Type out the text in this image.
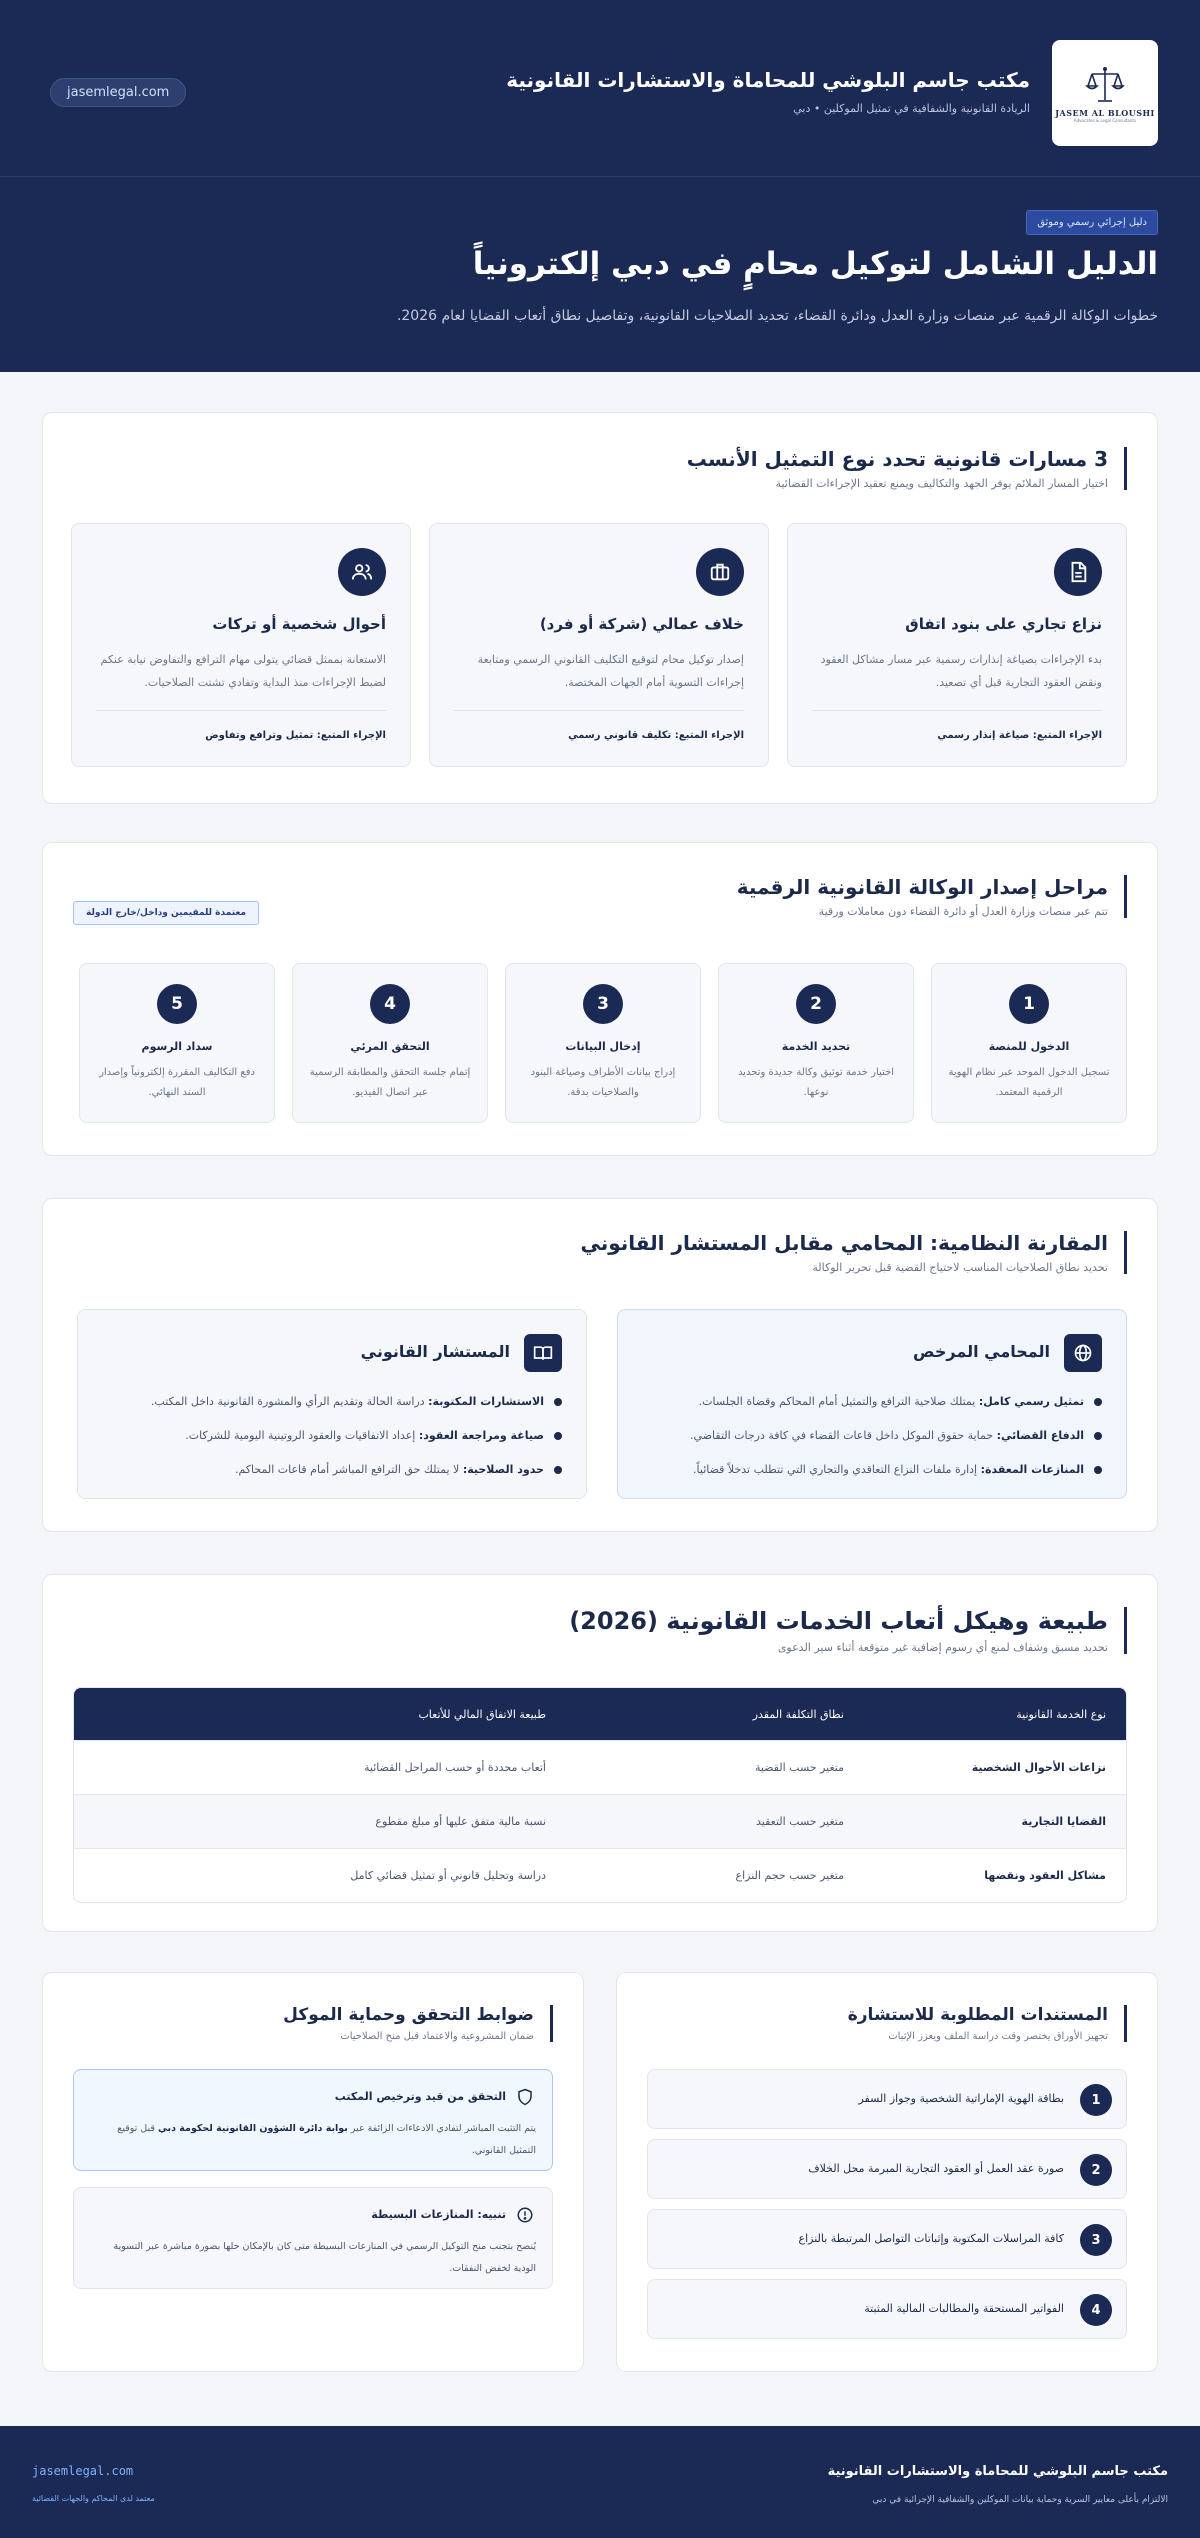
JASEM AL BLOUSHI
Advocates & Legal Consultants
مكتب جاسم البلوشي للمحاماة والاستشارات القانونية

الريادة القانونية والشفافية في تمثيل الموكلين • دبي

jasemlegal.com
دليل إجرائي رسمي وموثق
الدليل الشامل لتوكيل محامٍ في دبي إلكترونياً
خطوات الوكالة الرقمية عبر منصات وزارة العدل ودائرة القضاء، تحديد الصلاحيات القانونية، وتفاصيل نطاق أتعاب القضايا لعام 2026.
3 مسارات قانونية تحدد نوع التمثيل الأنسب

اختيار المسار الملائم يوفر الجهد والتكاليف ويمنع تعقيد الإجراءات القضائية

نزاع تجاري على بنود اتفاق
بدء الإجراءات بصياغة إنذارات رسمية عبر مسار مشاكل العقود ونقض العقود التجارية قبل أي تصعيد.
الإجراء المتبع: صياغة إنذار رسمي
خلاف عمالي (شركة أو فرد)
إصدار توكيل محام لتوقيع التكليف القانوني الرسمي ومتابعة إجراءات التسوية أمام الجهات المختصة.
الإجراء المتبع: تكليف قانوني رسمي
أحوال شخصية أو تركات
الاستعانة بممثل قضائي يتولى مهام الترافع والتفاوض نيابة عنكم لضبط الإجراءات منذ البداية وتفادي تشتت الصلاحيات.
الإجراء المتبع: تمثيل وترافع وتفاوض
مراحل إصدار الوكالة القانونية الرقمية

تتم عبر منصات وزارة العدل أو دائرة القضاء دون معاملات ورقية

معتمدة للمقيمين وداخل/خارج الدولة
1
الدخول للمنصة

تسجيل الدخول الموحد عبر نظام الهوية الرقمية المعتمد.

2
تحديد الخدمة

اختيار خدمة توثيق وكالة جديدة وتحديد نوعها.

3
إدخال البيانات

إدراج بيانات الأطراف وصياغة البنود والصلاحيات بدقة.

4
التحقق المرئي

إتمام جلسة التحقق والمطابقة الرسمية عبر اتصال الفيديو.

5
سداد الرسوم

دفع التكاليف المقررة إلكترونياً وإصدار السند النهائي.

المقارنة النظامية: المحامي مقابل المستشار القانوني

تحديد نطاق الصلاحيات المناسب لاحتياج القضية قبل تحرير الوكالة

المحامي المرخص
تمثيل رسمي كامل: يمتلك صلاحية الترافع والتمثيل أمام المحاكم وقضاة الجلسات.
الدفاع القضائي: حماية حقوق الموكل داخل قاعات القضاء في كافة درجات التقاضي.
المنازعات المعقدة: إدارة ملفات النزاع التعاقدي والتجاري التي تتطلب تدخلاً قضائياً.
المستشار القانوني
الاستشارات المكتوبة: دراسة الحالة وتقديم الرأي والمشورة القانونية داخل المكتب.
صياغة ومراجعة العقود: إعداد الاتفاقيات والعقود الروتينية اليومية للشركات.
حدود الصلاحية: لا يمتلك حق الترافع المباشر أمام قاعات المحاكم.
طبيعة وهيكل أتعاب الخدمات القانونية (2026)

تحديد مسبق وشفاف لمنع أي رسوم إضافية غير متوقعة أثناء سير الدعوى

نوع الخدمة القانونية
نطاق التكلفة المقدر
طبيعة الاتفاق المالي للأتعاب
نزاعات الأحوال الشخصية
متغير حسب القضية
أتعاب محددة أو حسب المراحل القضائية
القضايا التجارية
متغير حسب التعقيد
نسبة مالية متفق عليها أو مبلغ مقطوع
مشاكل العقود ونقضها
متغير حسب حجم النزاع
دراسة وتحليل قانوني أو تمثيل قضائي كامل
المستندات المطلوبة للاستشارة

تجهيز الأوراق يختصر وقت دراسة الملف ويعزز الإثبات

1
بطاقة الهوية الإماراتية الشخصية وجواز السفر
2
صورة عقد العمل أو العقود التجارية المبرمة محل الخلاف
3
كافة المراسلات المكتوبة وإثباتات التواصل المرتبطة بالنزاع
4
الفواتير المستحقة والمطالبات المالية المثبتة
ضوابط التحقق وحماية الموكل

ضمان المشروعية والاعتماد قبل منح الصلاحيات

التحقق من قيد وترخيص المكتب

يتم التثبت المباشر لتفادي الادعاءات الزائفة عبر بوابة دائرة الشؤون القانونية لحكومة دبي قبل توقيع التمثيل القانوني.

تنبيه: المنازعات البسيطة

يُنصح بتجنب منح التوكيل الرسمي في المنازعات البسيطة متى كان بالإمكان حلها بصورة مباشرة عبر التسوية الودية لخفض النفقات.

مكتب جاسم البلوشي للمحاماة والاستشارات القانونية
الالتزام بأعلى معايير السرية وحماية بيانات الموكلين والشفافية الإجرائية في دبي
jasemlegal.com
معتمد لدى المحاكم والجهات القضائية
